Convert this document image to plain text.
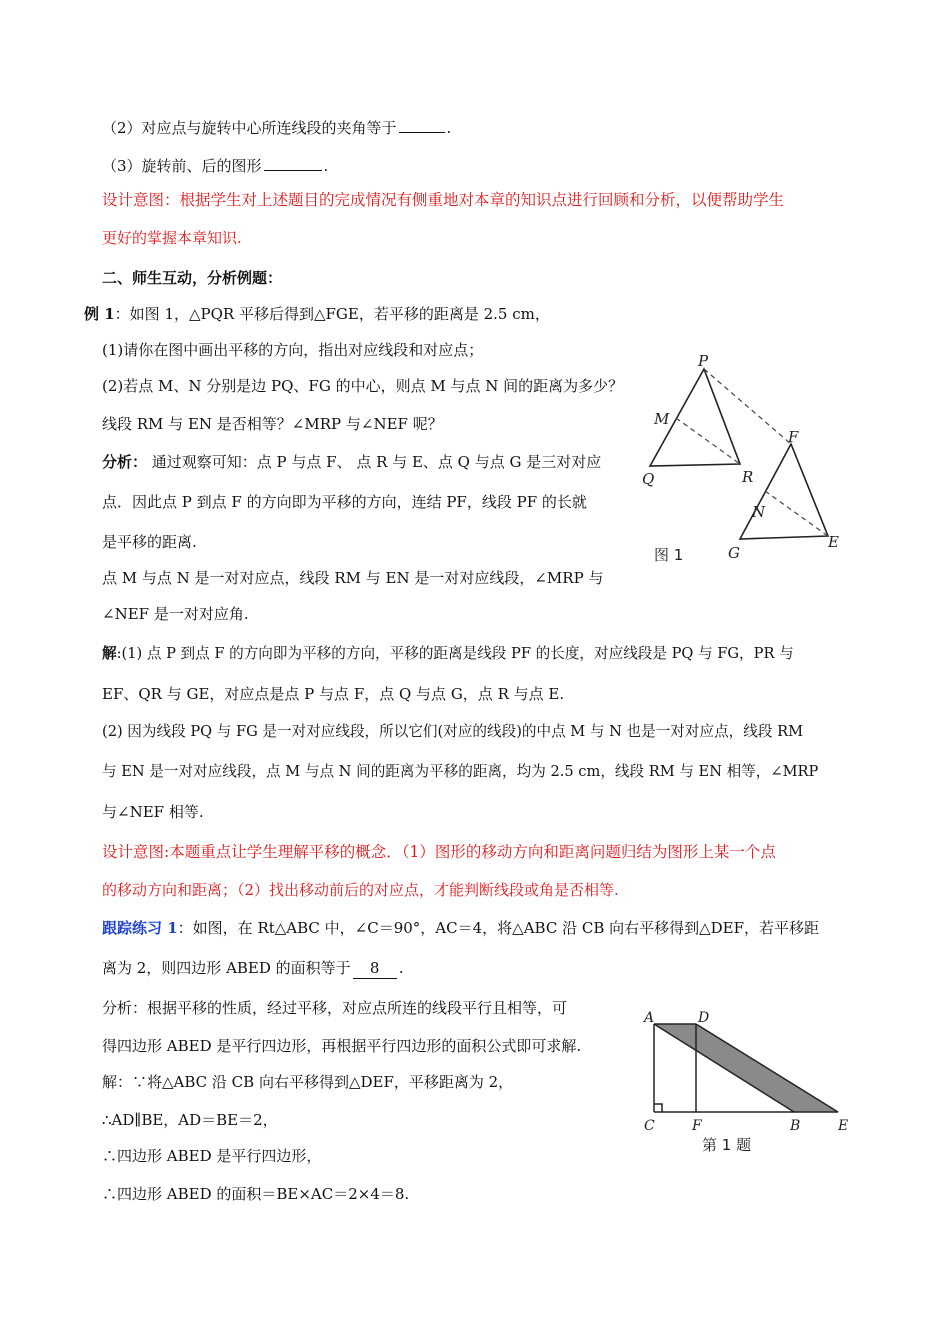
（2）对应点与旋转中心所连线段的夹角等于	.
（3）旋转前、后的图形	.
设计意图：根据学生对上述题目的完成情况有侧重地对本章的知识点进行回顾和分析，以便帮助学生
更好的掌握本章知识.
二、师生互动，分析例题：
例 1：如图 1，△PQR 平移后得到△FGE，若平移的距离是 2.5 cm，
(1)请你在图中画出平移的方向，指出对应线段和对应点；
(2)若点 M、N 分别是边 PQ、FG 的中心，则点 M 与点 N 间的距离为多少？
线段 RM 与 EN 是否相等？∠MRP 与∠NEF 呢？
分析： 通过观察可知：点 P 与点 F、 点 R 与 E、点 Q 与点 G 是三对对应
点．因此点 P 到点 F 的方向即为平移的方向，连结 PF，线段 PF 的长就
是平移的距离.
点 M 与点 N 是一对对应点，线段 RM 与 EN 是一对对应线段，∠MRP 与
∠NEF 是一对对应角.
解:(1) 点 P 到点 F 的方向即为平移的方向，平移的距离是线段 PF 的长度，对应线段是 PQ 与 FG，PR 与
EF、QR 与 GE，对应点是点 P 与点 F，点 Q 与点 G，点 R 与点 E.
(2) 因为线段 PQ 与 FG 是一对对应线段，所以它们(对应的线段)的中点 M 与 N 也是一对对应点，线段 RM
与 EN 是一对对应线段，点 M 与点 N 间的距离为平移的距离，均为 2.5 cm，线段 RM 与 EN 相等，∠MRP
与∠NEF 相等.
设计意图:本题重点让学生理解平移的概念．（1）图形的移动方向和距离问题归结为图形上某一个点
的移动方向和距离；（2）找出移动前后的对应点，才能判断线段或角是否相等.
跟踪练习 1：如图，在 Rt△ABC 中，∠C＝90°，AC＝4，将△ABC 沿 CB 向右平移得到△DEF，若平移距
离为 2，则四边形 ABED 的面积等于 8 .
分析：根据平移的性质，经过平移，对应点所连的线段平行且相等，可
得四边形 ABED 是平行四边形，再根据平行四边形的面积公式即可求解.
解：∵将△ABC 沿 CB 向右平移得到△DEF，平移距离为 2，
∴AD∥BE，AD＝BE＝2，
∴四边形 ABED 是平行四边形，
∴四边形 ABED 的面积＝BE×AC＝2×4＝8.
P
M
Q	R
F
N
G
E
图 1
A	D
C	F	B	E
第 1 题
